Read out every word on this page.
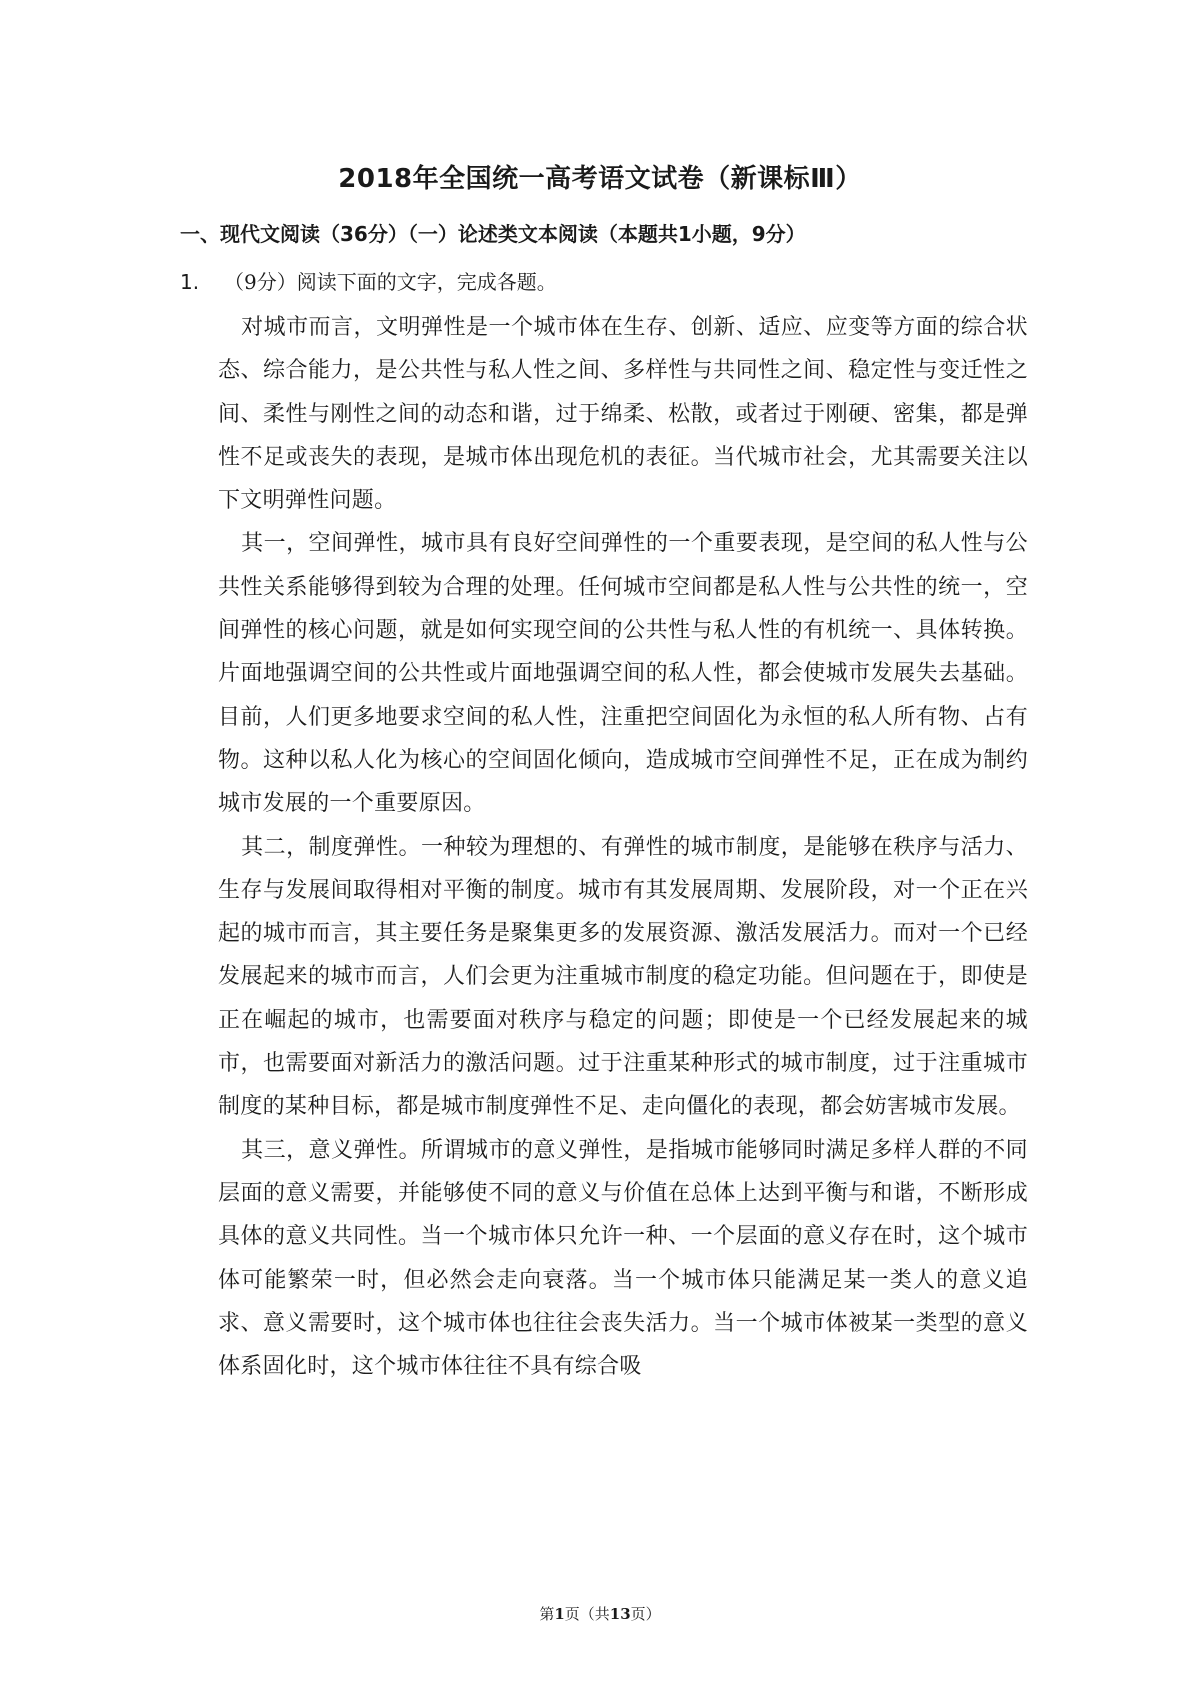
2018年全国统一高考语文试卷（新课标Ⅲ）
一、现代文阅读（36分）（一）论述类文本阅读（本题共1小题，9分）
1. （9分）阅读下面的文字，完成各题。

对城市而言，文明弹性是一个城市体在生存、创新、适应、应变等方面的综合状态、综合能力，是公共性与私人性之间、多样性与共同性之间、稳定性与变迁性之间、柔性与刚性之间的动态和谐，过于绵柔、松散，或者过于刚硬、密集，都是弹性不足或丧失的表现，是城市体出现危机的表征。当代城市社会，尤其需要关注以下文明弹性问题。

其一，空间弹性，城市具有良好空间弹性的一个重要表现，是空间的私人性与公共性关系能够得到较为合理的处理。任何城市空间都是私人性与公共性的统一，空间弹性的核心问题，就是如何实现空间的公共性与私人性的有机统一、具体转换。片面地强调空间的公共性或片面地强调空间的私人性，都会使城市发展失去基础。目前，人们更多地要求空间的私人性，注重把空间固化为永恒的私人所有物、占有物。这种以私人化为核心的空间固化倾向，造成城市空间弹性不足，正在成为制约城市发展的一个重要原因。

其二，制度弹性。一种较为理想的、有弹性的城市制度，是能够在秩序与活力、生存与发展间取得相对平衡的制度。城市有其发展周期、发展阶段，对一个正在兴起的城市而言，其主要任务是聚集更多的发展资源、激活发展活力。而对一个已经发展起来的城市而言，人们会更为注重城市制度的稳定功能。但问题在于，即使是正在崛起的城市，也需要面对秩序与稳定的问题；即使是一个已经发展起来的城市，也需要面对新活力的激活问题。过于注重某种形式的城市制度，过于注重城市制度的某种目标，都是城市制度弹性不足、走向僵化的表现，都会妨害城市发展。

其三，意义弹性。所谓城市的意义弹性，是指城市能够同时满足多样人群的不同层面的意义需要，并能够使不同的意义与价值在总体上达到平衡与和谐，不断形成具体的意义共同性。当一个城市体只允许一种、一个层面的意义存在时，这个城市体可能繁荣一时，但必然会走向衰落。当一个城市体只能满足某一类人的意义追求、意义需要时，这个城市体也往往会丧失活力。当一个城市体被某一类型的意义体系固化时，这个城市体往往不具有综合吸

第1页（共13页）
